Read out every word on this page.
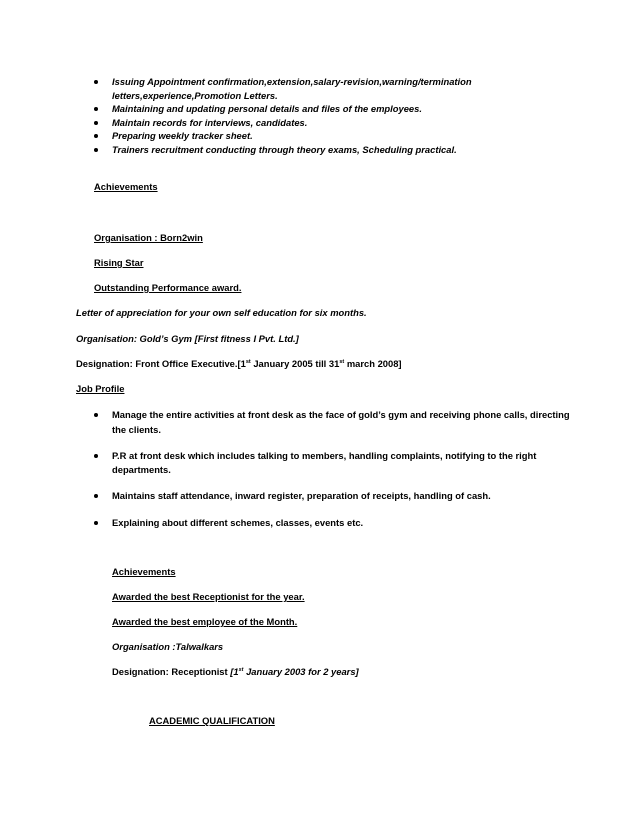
Issuing Appointment confirmation,extension,salary-revision,warning/termination
letters,experience,Promotion Letters.
Maintaining and updating personal details and files of the employees.
Maintain records for interviews, candidates.
Preparing weekly tracker sheet.
Trainers recruitment conducting through theory exams, Scheduling practical.
Achievements
Organisation : Born2win
Rising Star
Outstanding Performance award.
Letter of appreciation for your own self education for six months.
Organisation: Gold’s Gym [First fitness I Pvt. Ltd.]
Designation: Front Office Executive.[1st January 2005 till 31st march 2008]
Job Profile
Manage the entire activities at front desk as the face of gold’s gym and receiving phone calls, directing
the clients.
P.R at front desk which includes talking to members, handling complaints, notifying to the right
departments.
Maintains staff attendance, inward register, preparation of receipts, handling of cash.
Explaining about different schemes, classes, events etc.
Achievements
Awarded the best Receptionist for the year.
Awarded the best employee of the Month.
Organisation :Talwalkars
Designation: Receptionist [1st January 2003 for 2 years]
ACADEMIC QUALIFICATION
